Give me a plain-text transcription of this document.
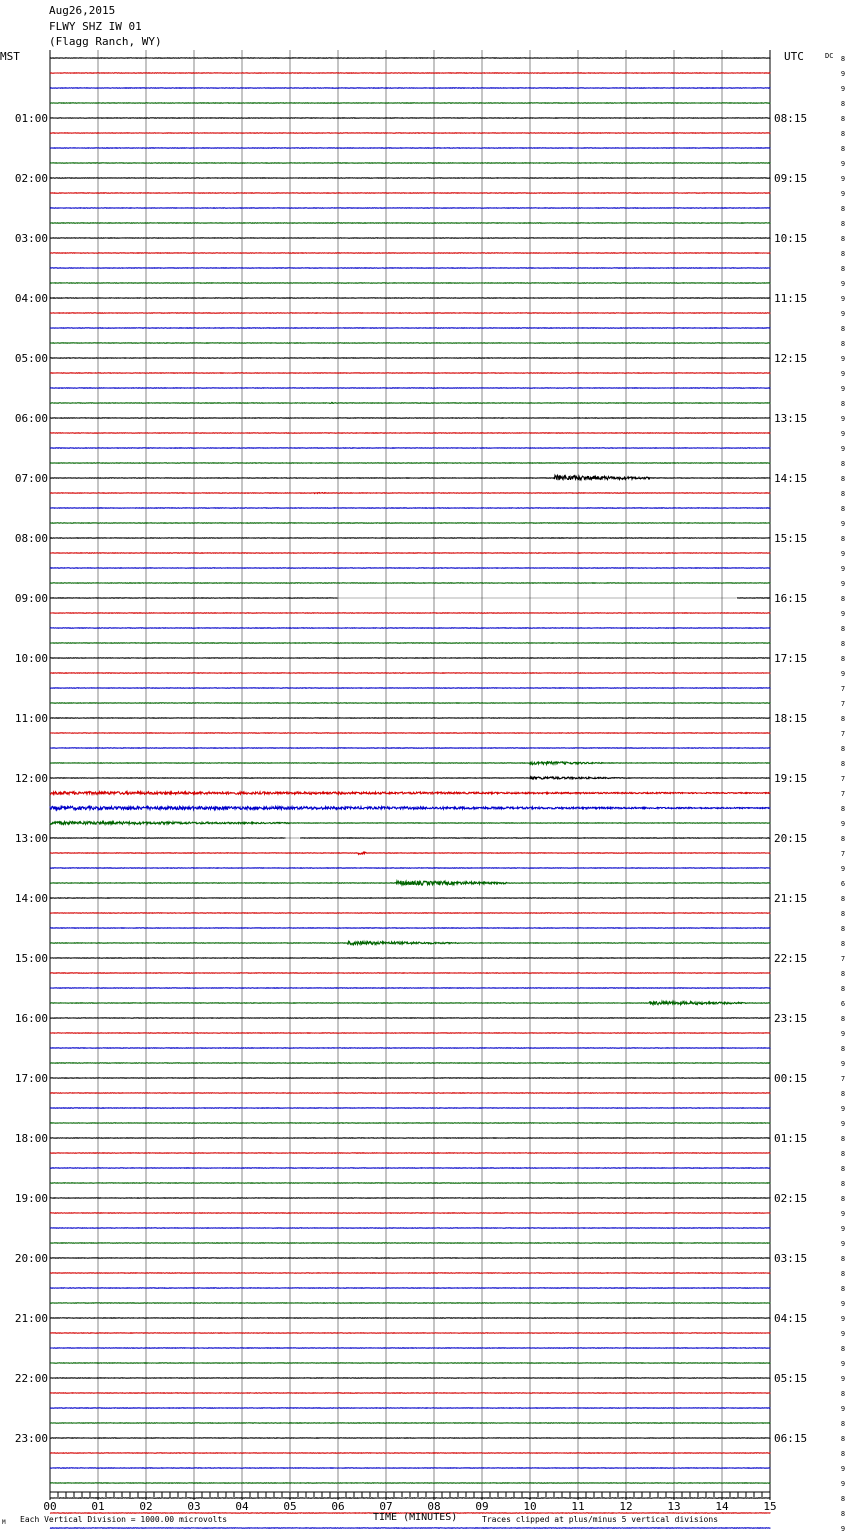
Aug26,2015
FLWY SHZ IW 01
(Flagg Ranch, WY)
MST	UTC	DC
00	01	02	03	04	05	06	07	08	09	10	11	12	13	14	15
8
9
9
8
8
8
8
9
9
9
8
8
8
8
8
9
9
9
8
8
9
9
9
8
9
9
9
8
8
8
8
9
8
9
9
9
8
9
8
8
8
9
7
7
8
7
8
8
7
7
8
9
8
7
9
6
8
8
8
8
7
8
8
6
8
9
8
9
7
8
9
9
8
8
8
8
8
9
9
9
8
8
8
9
9
9
8
9
9
8
9
8
8
8
9
9
8
8
9
01:00	08:15
02:00	09:15
03:00	10:15
04:00	11:15
05:00	12:15
06:00	13:15
07:00	14:15
08:00	15:15
09:00	16:15
10:00	17:15
11:00	18:15
12:00	19:15
13:00	20:15
14:00	21:15
15:00	22:15
16:00	23:15
17:00	00:15
18:00	01:15
19:00	02:15
20:00	03:15
21:00	04:15
22:00	05:15
23:00	06:15
TIME (MINUTES)
M Each Vertical Division = 1000.00 microvolts	Traces clipped at plus/minus 5 vertical divisions
